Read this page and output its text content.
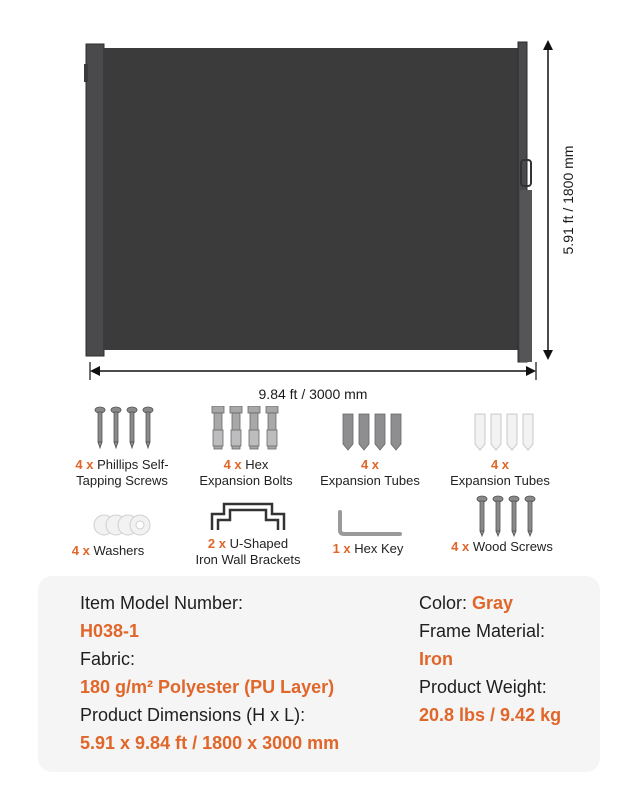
5.91 ft / 1800 mm
9.84 ft / 3000 mm
4 x Phillips Self-
Tapping Screws
4 x Hex
Expansion Bolts
4 x
Expansion Tubes
4 x
Expansion Tubes
4 x Washers	2 x U-Shaped
Iron Wall Brackets
1 x Hex Key	4 x Wood Screws
Item Model Number:
H038-1
Fabric:
180 g/m² Polyester (PU Layer)
Product Dimensions (H x L):
5.91 x 9.84 ft / 1800 x 3000 mm
Color: Gray
Frame Material:
Iron
Product Weight:
20.8 lbs / 9.42 kg
